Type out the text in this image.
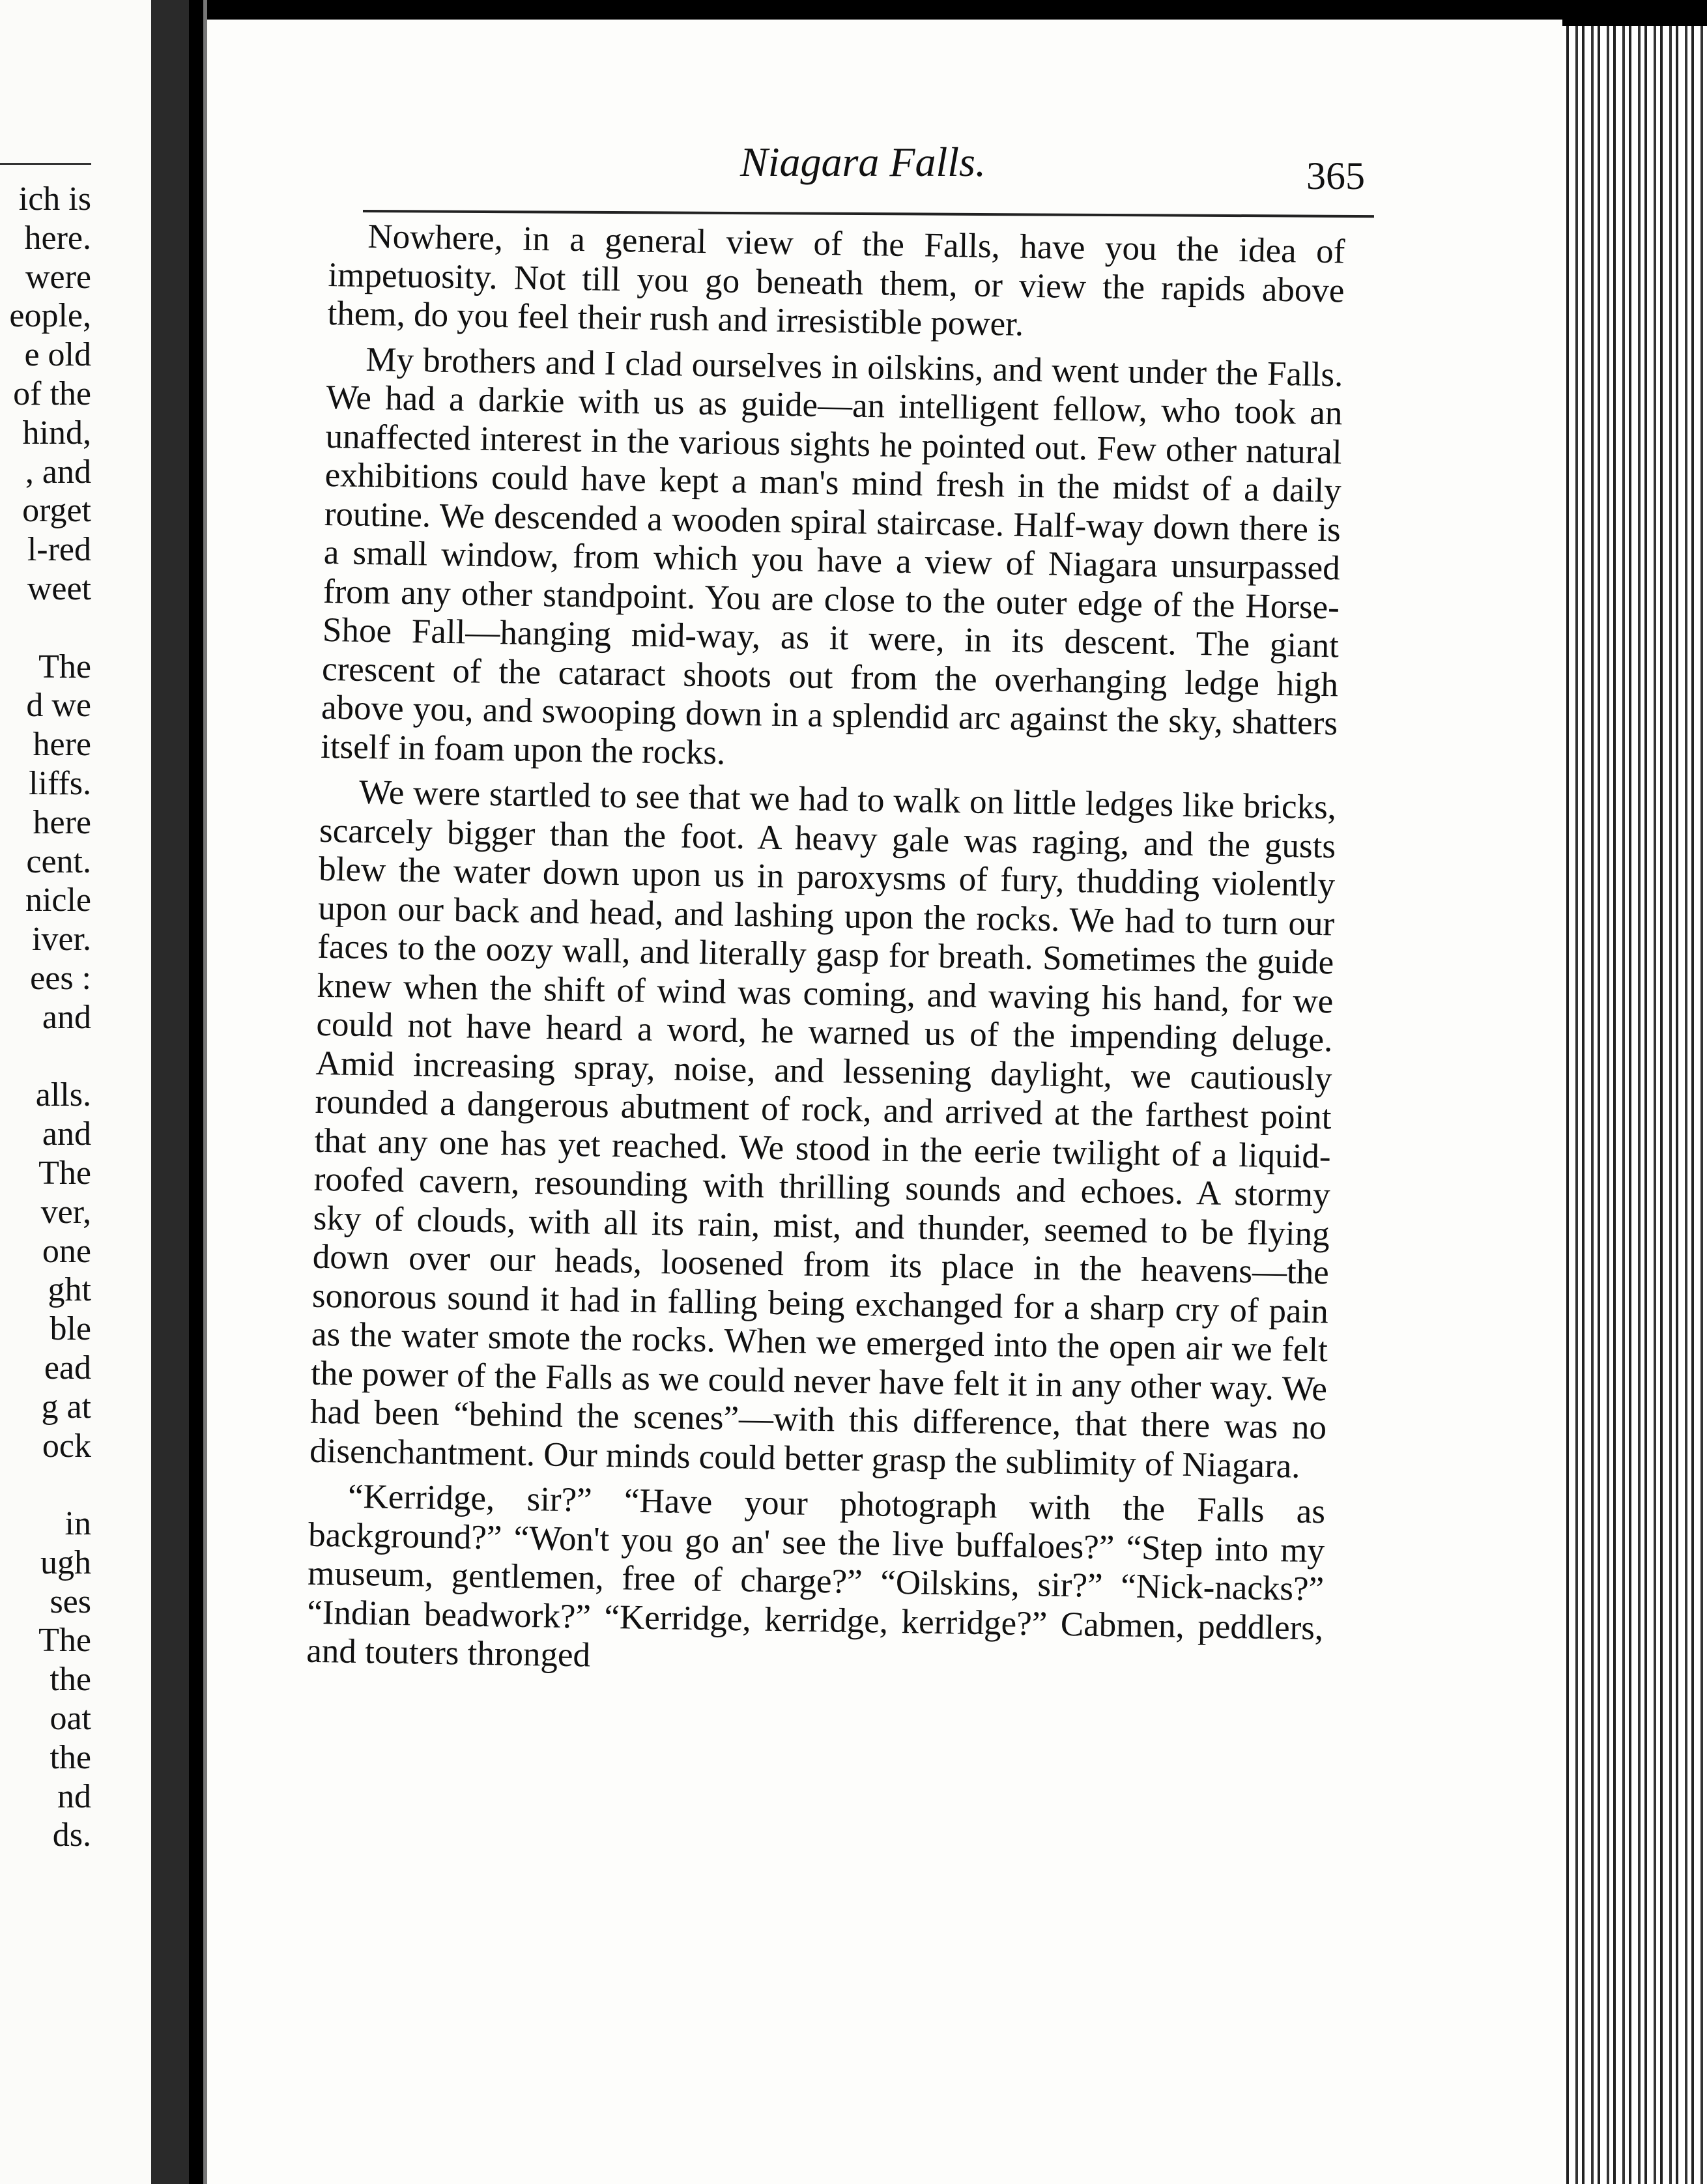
ich is
here.
were
eople,
e old
of the
hind,
, and
orget
l-red
weet
The
d we
here
liffs.
here
cent.
nicle
iver.
ees :
and
alls.
and
The
ver,
one
ght
ble
ead
g at
ock
in
ugh
ses
The
the
oat
the
nd
ds.
Niagara Falls.	365

Nowhere, in a general view of the Falls, have you the idea of impetuosity. Not till you go beneath them, or view the rapids above them, do you feel their rush and irresistible power.

My brothers and I clad ourselves in oilskins, and went under the Falls. We had a darkie with us as guide—an intelligent fellow, who took an unaffected interest in the various sights he pointed out. Few other natural exhibitions could have kept a man's mind fresh in the midst of a daily routine. We descended a wooden spiral staircase. Half-way down there is a small window, from which you have a view of Niagara unsurpassed from any other standpoint. You are close to the outer edge of the Horse-Shoe Fall—hanging mid-way, as it were, in its descent. The giant crescent of the cataract shoots out from the overhanging ledge high above you, and swooping down in a splendid arc against the sky, shatters itself in foam upon the rocks.

We were startled to see that we had to walk on little ledges like bricks, scarcely bigger than the foot. A heavy gale was raging, and the gusts blew the water down upon us in paroxysms of fury, thudding violently upon our back and head, and lashing upon the rocks. We had to turn our faces to the oozy wall, and literally gasp for breath. Sometimes the guide knew when the shift of wind was coming, and waving his hand, for we could not have heard a word, he warned us of the impending deluge. Amid increasing spray, noise, and lessening daylight, we cautiously rounded a dangerous abutment of rock, and arrived at the farthest point that any one has yet reached. We stood in the eerie twilight of a liquid-roofed cavern, resounding with thrilling sounds and echoes. A stormy sky of clouds, with all its rain, mist, and thunder, seemed to be flying down over our heads, loosened from its place in the heavens—the sonorous sound it had in falling being exchanged for a sharp cry of pain as the water smote the rocks. When we emerged into the open air we felt the power of the Falls as we could never have felt it in any other way. We had been “behind the scenes”—with this difference, that there was no disenchantment. Our minds could better grasp the sublimity of Niagara.

“Kerridge, sir?” “Have your photograph with the Falls as background?” “Won't you go an' see the live buffaloes?” “Step into my museum, gentlemen, free of charge?” “Oilskins, sir?” “Nick-nacks?” “Indian beadwork?” “Kerridge, kerridge, kerridge?” Cabmen, peddlers, and touters thronged
